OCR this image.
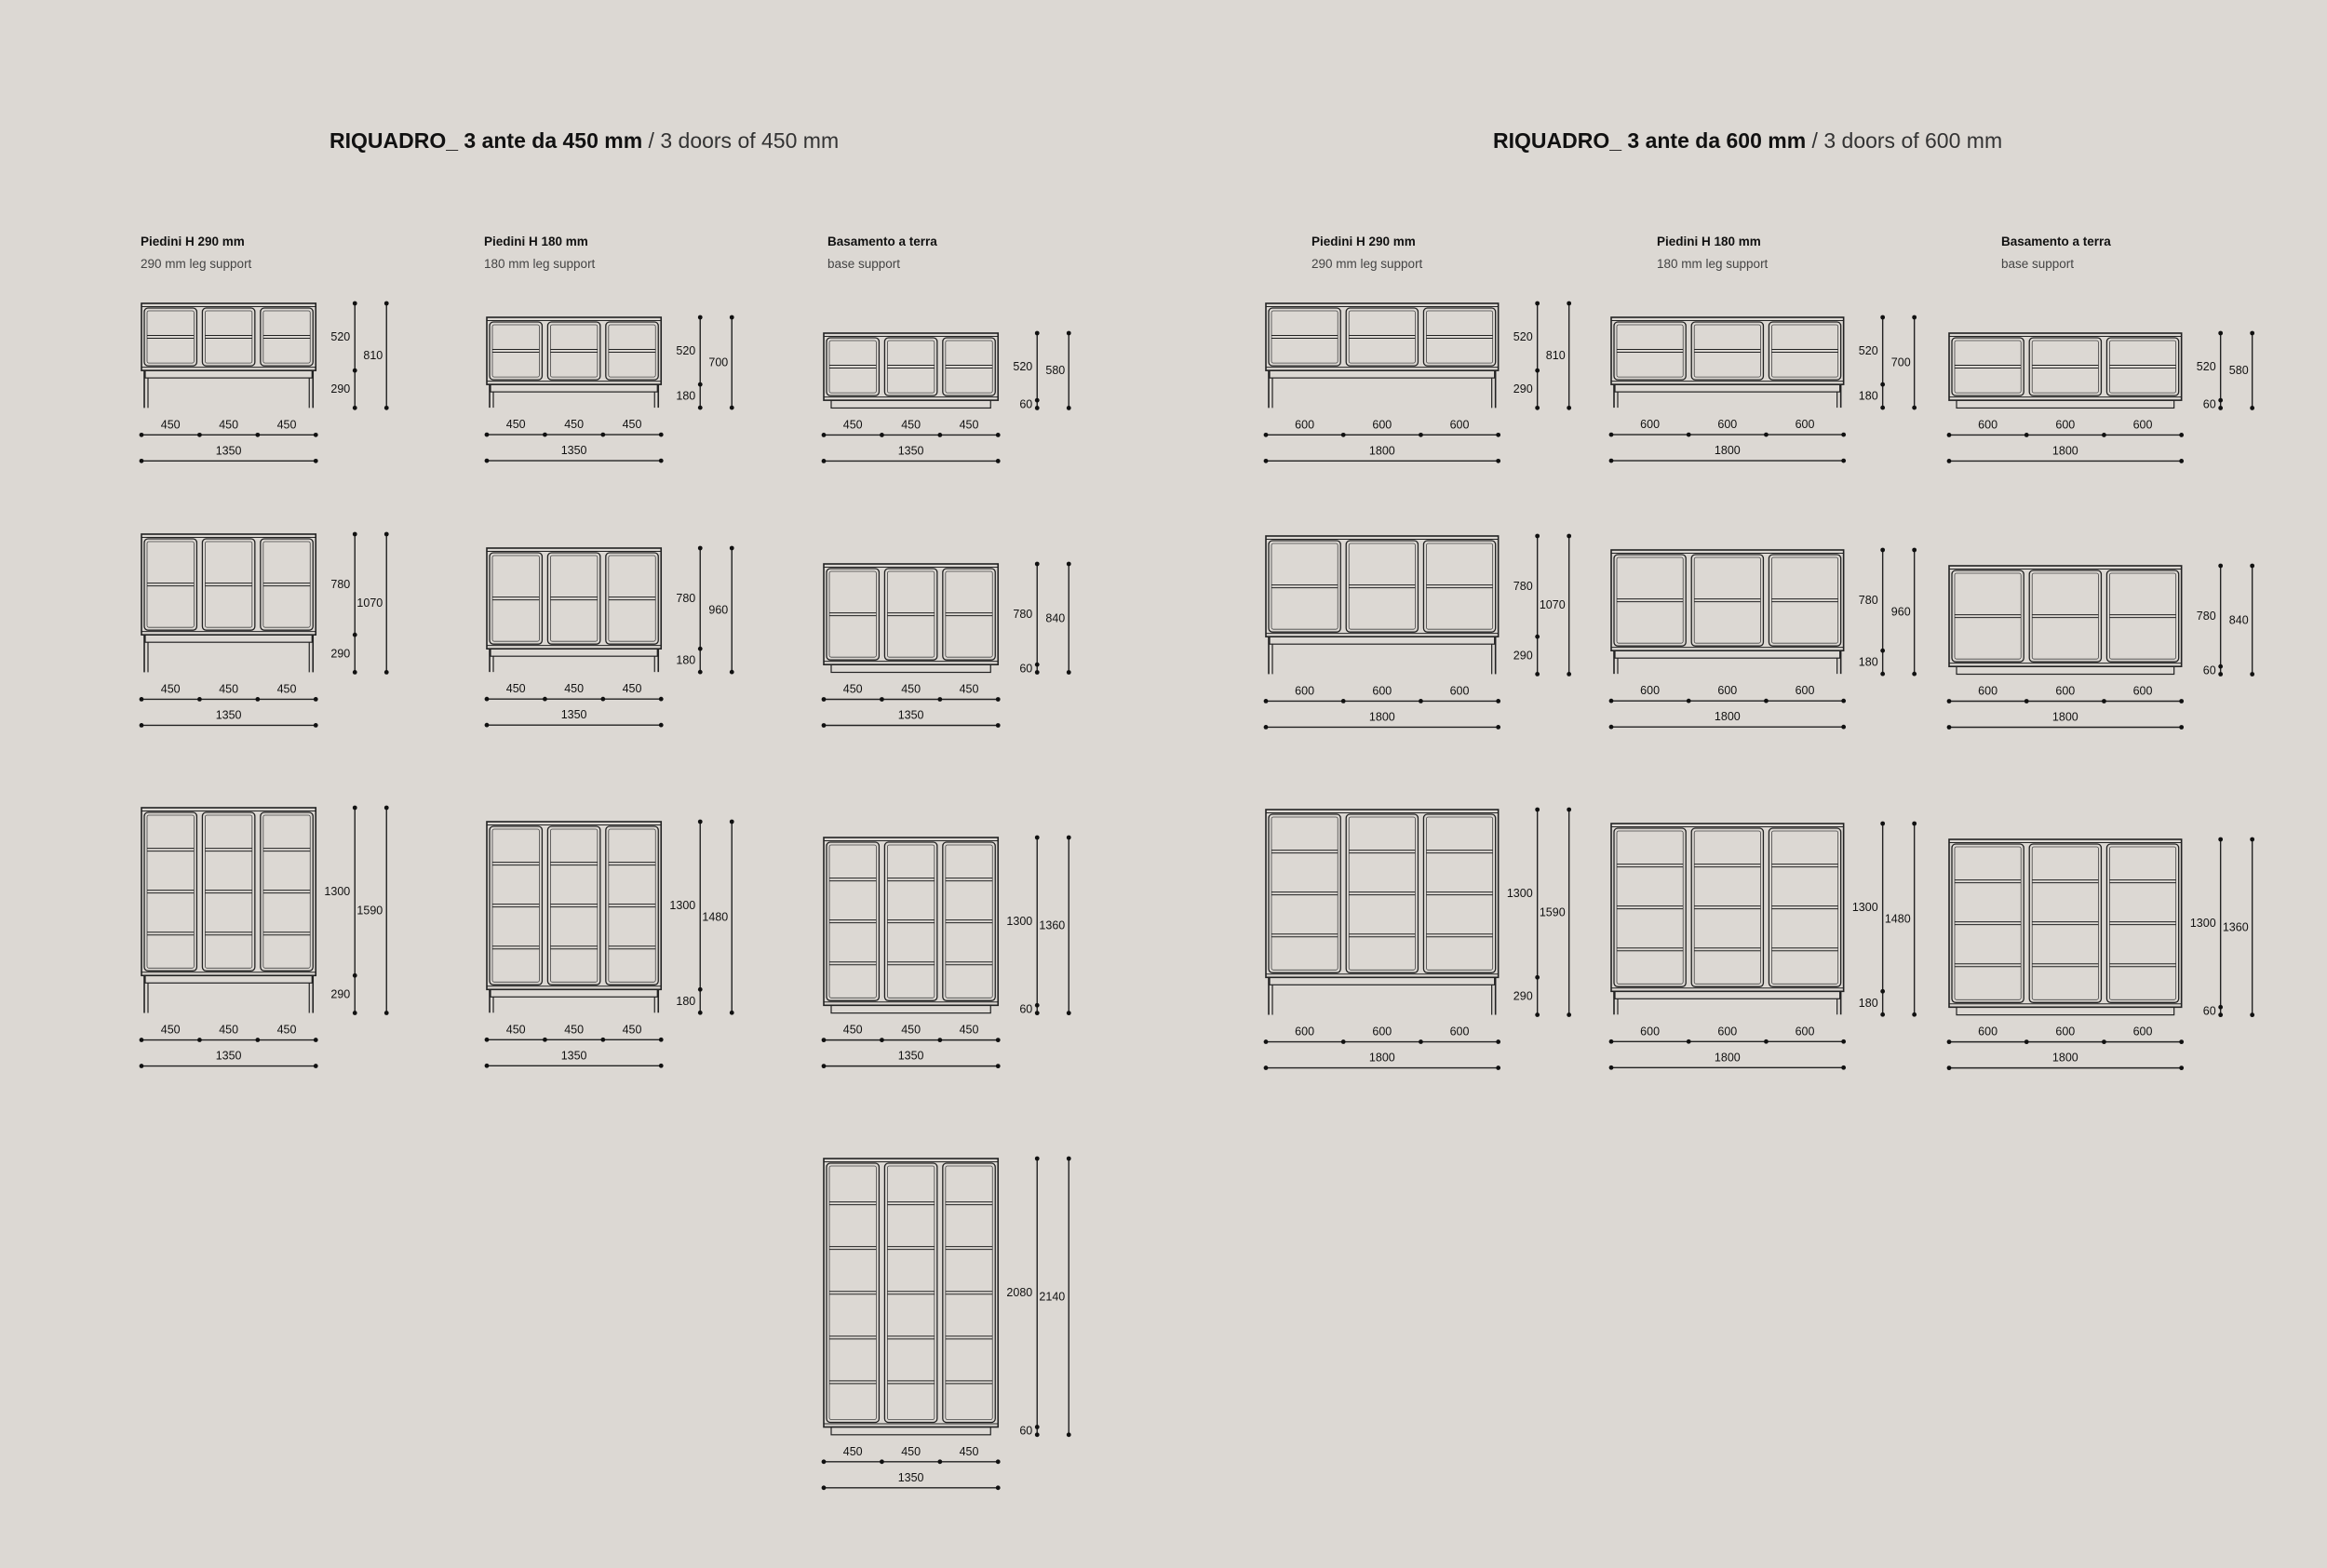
RIQUADRO_ 3 ante da 450 mm / 3 doors of 450 mm	RIQUADRO_ 3 ante da 600 mm / 3 doors of 600 mm
Piedini H 290 mm
290 mm leg support
Piedini H 180 mm
180 mm leg support
Basamento a terra
base support
Piedini H 290 mm
290 mm leg support
Piedini H 180 mm
180 mm leg support
Basamento a terra
base support
520
290
810
450	450	450
1350
780
290
1070
450	450	450
1350
1300
290
1590
450	450	450
1350
520
180
700
450	450	450
1350
780
180
960
450	450	450
1350
1300
180
1480
450	450	450
1350
520
60
580
450	450	450
1350
780
60
840
450	450	450
1350
1300
60
1360
450	450	450
1350
2080
60
2140
450	450	450
1350
520
290
810
600	600	600
1800
780
290
1070
600	600	600
1800
1300
290
1590
600	600	600
1800
520
180
700
600	600	600
1800
780
180
960
600	600	600
1800
1300
180
1480
600	600	600
1800
520
60
580
600	600	600
1800
780
60
840
600	600	600
1800
1300
60
1360
600	600	600
1800
